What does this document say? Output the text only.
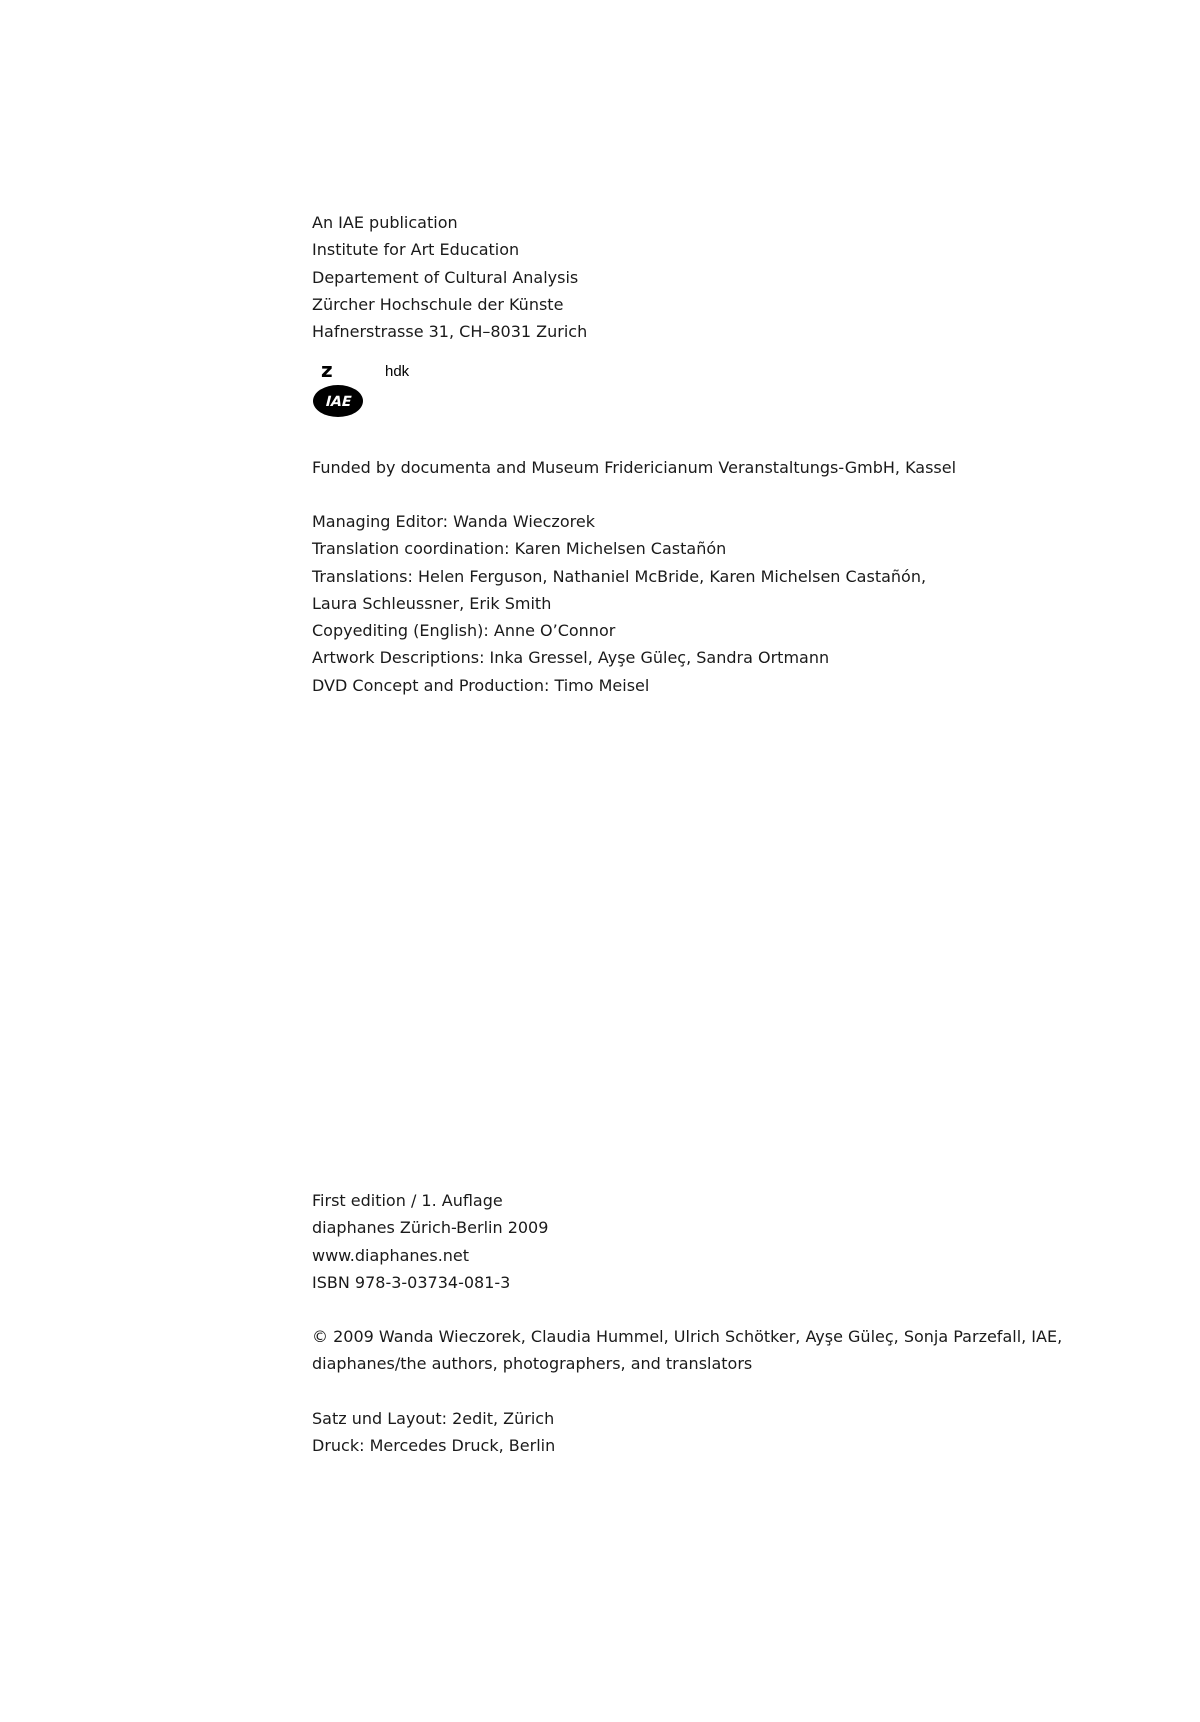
An IAE publication
Institute for Art Education
Departement of Cultural Analysis
Zürcher Hochschule der Künste
Hafnerstrasse 31, CH–8031 Zurich
z	hdk
IAE
Funded by documenta and Museum Fridericianum Veranstaltungs-GmbH, Kassel
Managing Editor: Wanda Wieczorek
Translation coordination: Karen Michelsen Castañón
Translations: Helen Ferguson, Nathaniel McBride, Karen Michelsen Castañón,
Laura Schleussner, Erik Smith
Copyediting (English): Anne O’Connor
Artwork Descriptions: Inka Gressel, Ayşe Güleç, Sandra Ortmann
DVD Concept and Production: Timo Meisel
First edition / 1. Auflage
diaphanes Zürich-Berlin 2009
www.diaphanes.net
ISBN 978-3-03734-081-3
© 2009 Wanda Wieczorek, Claudia Hummel, Ulrich Schötker, Ayşe Güleç, Sonja Parzefall, IAE,
diaphanes/the authors, photographers, and translators
Satz und Layout: 2edit, Zürich
Druck: Mercedes Druck, Berlin
